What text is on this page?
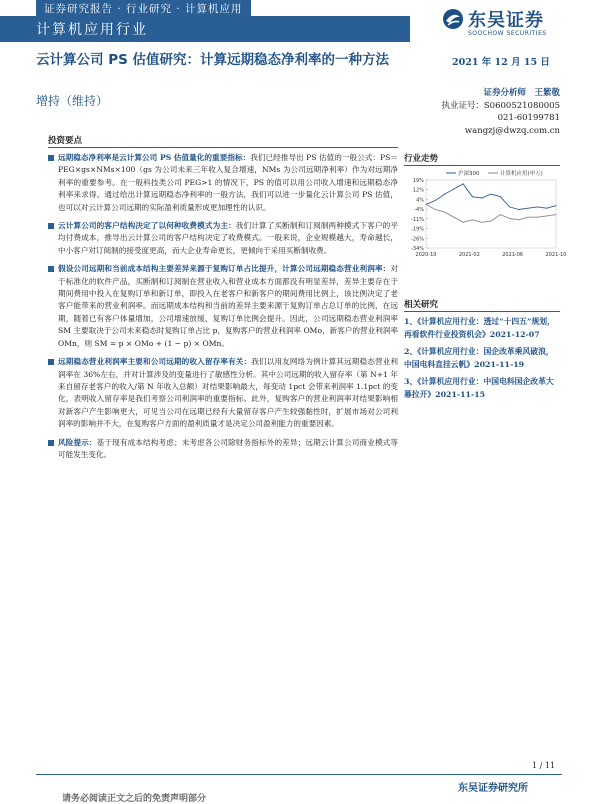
证券研究报告 · 行业研究 · 计算机应用
计算机应用行业	东吴证券
SOOCHOW SECURITIES
云计算公司 PS 估值研究：计算远期稳态净利率的一种方法
增持（维持）
2021 年 12 月 15 日
证券分析师　王紫敬
执业证号：S0600521080005
021-60199781
wangzj@dwzq.com.cn
投资要点
远期稳态净利率是云计算公司 PS 估值量化的重要指标：我们已经推导出 PS 估值的一般公式：PS＝PEG×gs×NMs×100（gs 为公司未来三年收入复合增速，NMs 为公司远期净利率）作为对远期净利率的重要参考。在一般科技类公司 PEG>1 的情况下，PS 的值可以用公司收入增速和远期稳态净利率来求得。通过给出计算远期稳态净利率的一般方法，我们可以进一步量化云计算公司 PS 估值，也可以对云计算公司远期的实际盈利质量形成更加理性的认识。
云计算公司的客户结构决定了以何种收费模式为主：我们计算了买断制和订阅制两种模式下客户的平均付费成本，推导出云计算公司的客户结构决定了收费模式。一般来说，企业规模越大，寿命越长，中小客户对订阅制的接受度更高，而大企业寿命更长，更倾向于采用买断制收费。
假设公司远期和当前成本结构主要差异来源于复购订单占比提升，计算公司远期稳态营业利润率：对于标准化的软件产品，买断制和订阅制在营业收入和营业成本方面都没有明显差异，差异主要存在于期间费用中投入在复购订单和新订单，即投入在老客户和新客户的期间费用比例上，该比例决定了老客户能带来的营业利润率。而远期成本结构和当前的差异主要来源于复购订单占总订单的比例，在远期，随着已有客户体量增加，公司增速放缓，复购订单比例会提升。因此，公司远期稳态营业利润率 SM 主要取决于公司未来稳态时复购订单占比 p，复购客户的营业利润率 OMo，新客户的营业利润率 OMn，则 SM = p × OMo + (1 − p) × OMn。
远期稳态营业利润率主要和公司远期的收入留存率有关：我们以用友网络为例计算其远期稳态营业利润率在 36%左右，并对计算涉及的变量进行了敏感性分析。其中公司远期的收入留存率（第 N+1 年来自留存老客户的收入/第 N 年收入总额）对结果影响最大，每变动 1pct 会带来利润率 1.1pct 的变化，表明收入留存率是我们考察公司利润率的重要指标。此外，复购客户的营业利润率对结果影响相对新客户产生影响更大，可见当公司在远期已经有大量留存客户产生较强黏性时，扩展市场对公司利润率的影响并不大，在复购客户方面的盈利质量才是决定公司盈利能力的重要因素。
风险提示：基于现有成本结构考虑；未考虑各公司除财务指标外的差异；远期云计算公司商业模式等可能发生变化。
行业走势
19%
12%
4%
-4%
-11%
-19%
-26%
-34%
2020-10	2021-02	2021-06	2021-10
沪深300	计算机应用(申万)
相关研究
1、《计算机应用行业：透过“十四五”规划，再看软件行业投资机会》2021-12-07
2、《计算机应用行业：国企改革乘风破浪，中国电科直挂云帆》2021-11-19
3、《计算机应用行业：中国电科国企改革大幕拉开》2021-11-15
1 / 11
东吴证券研究所
请务必阅读正文之后的免责声明部分
